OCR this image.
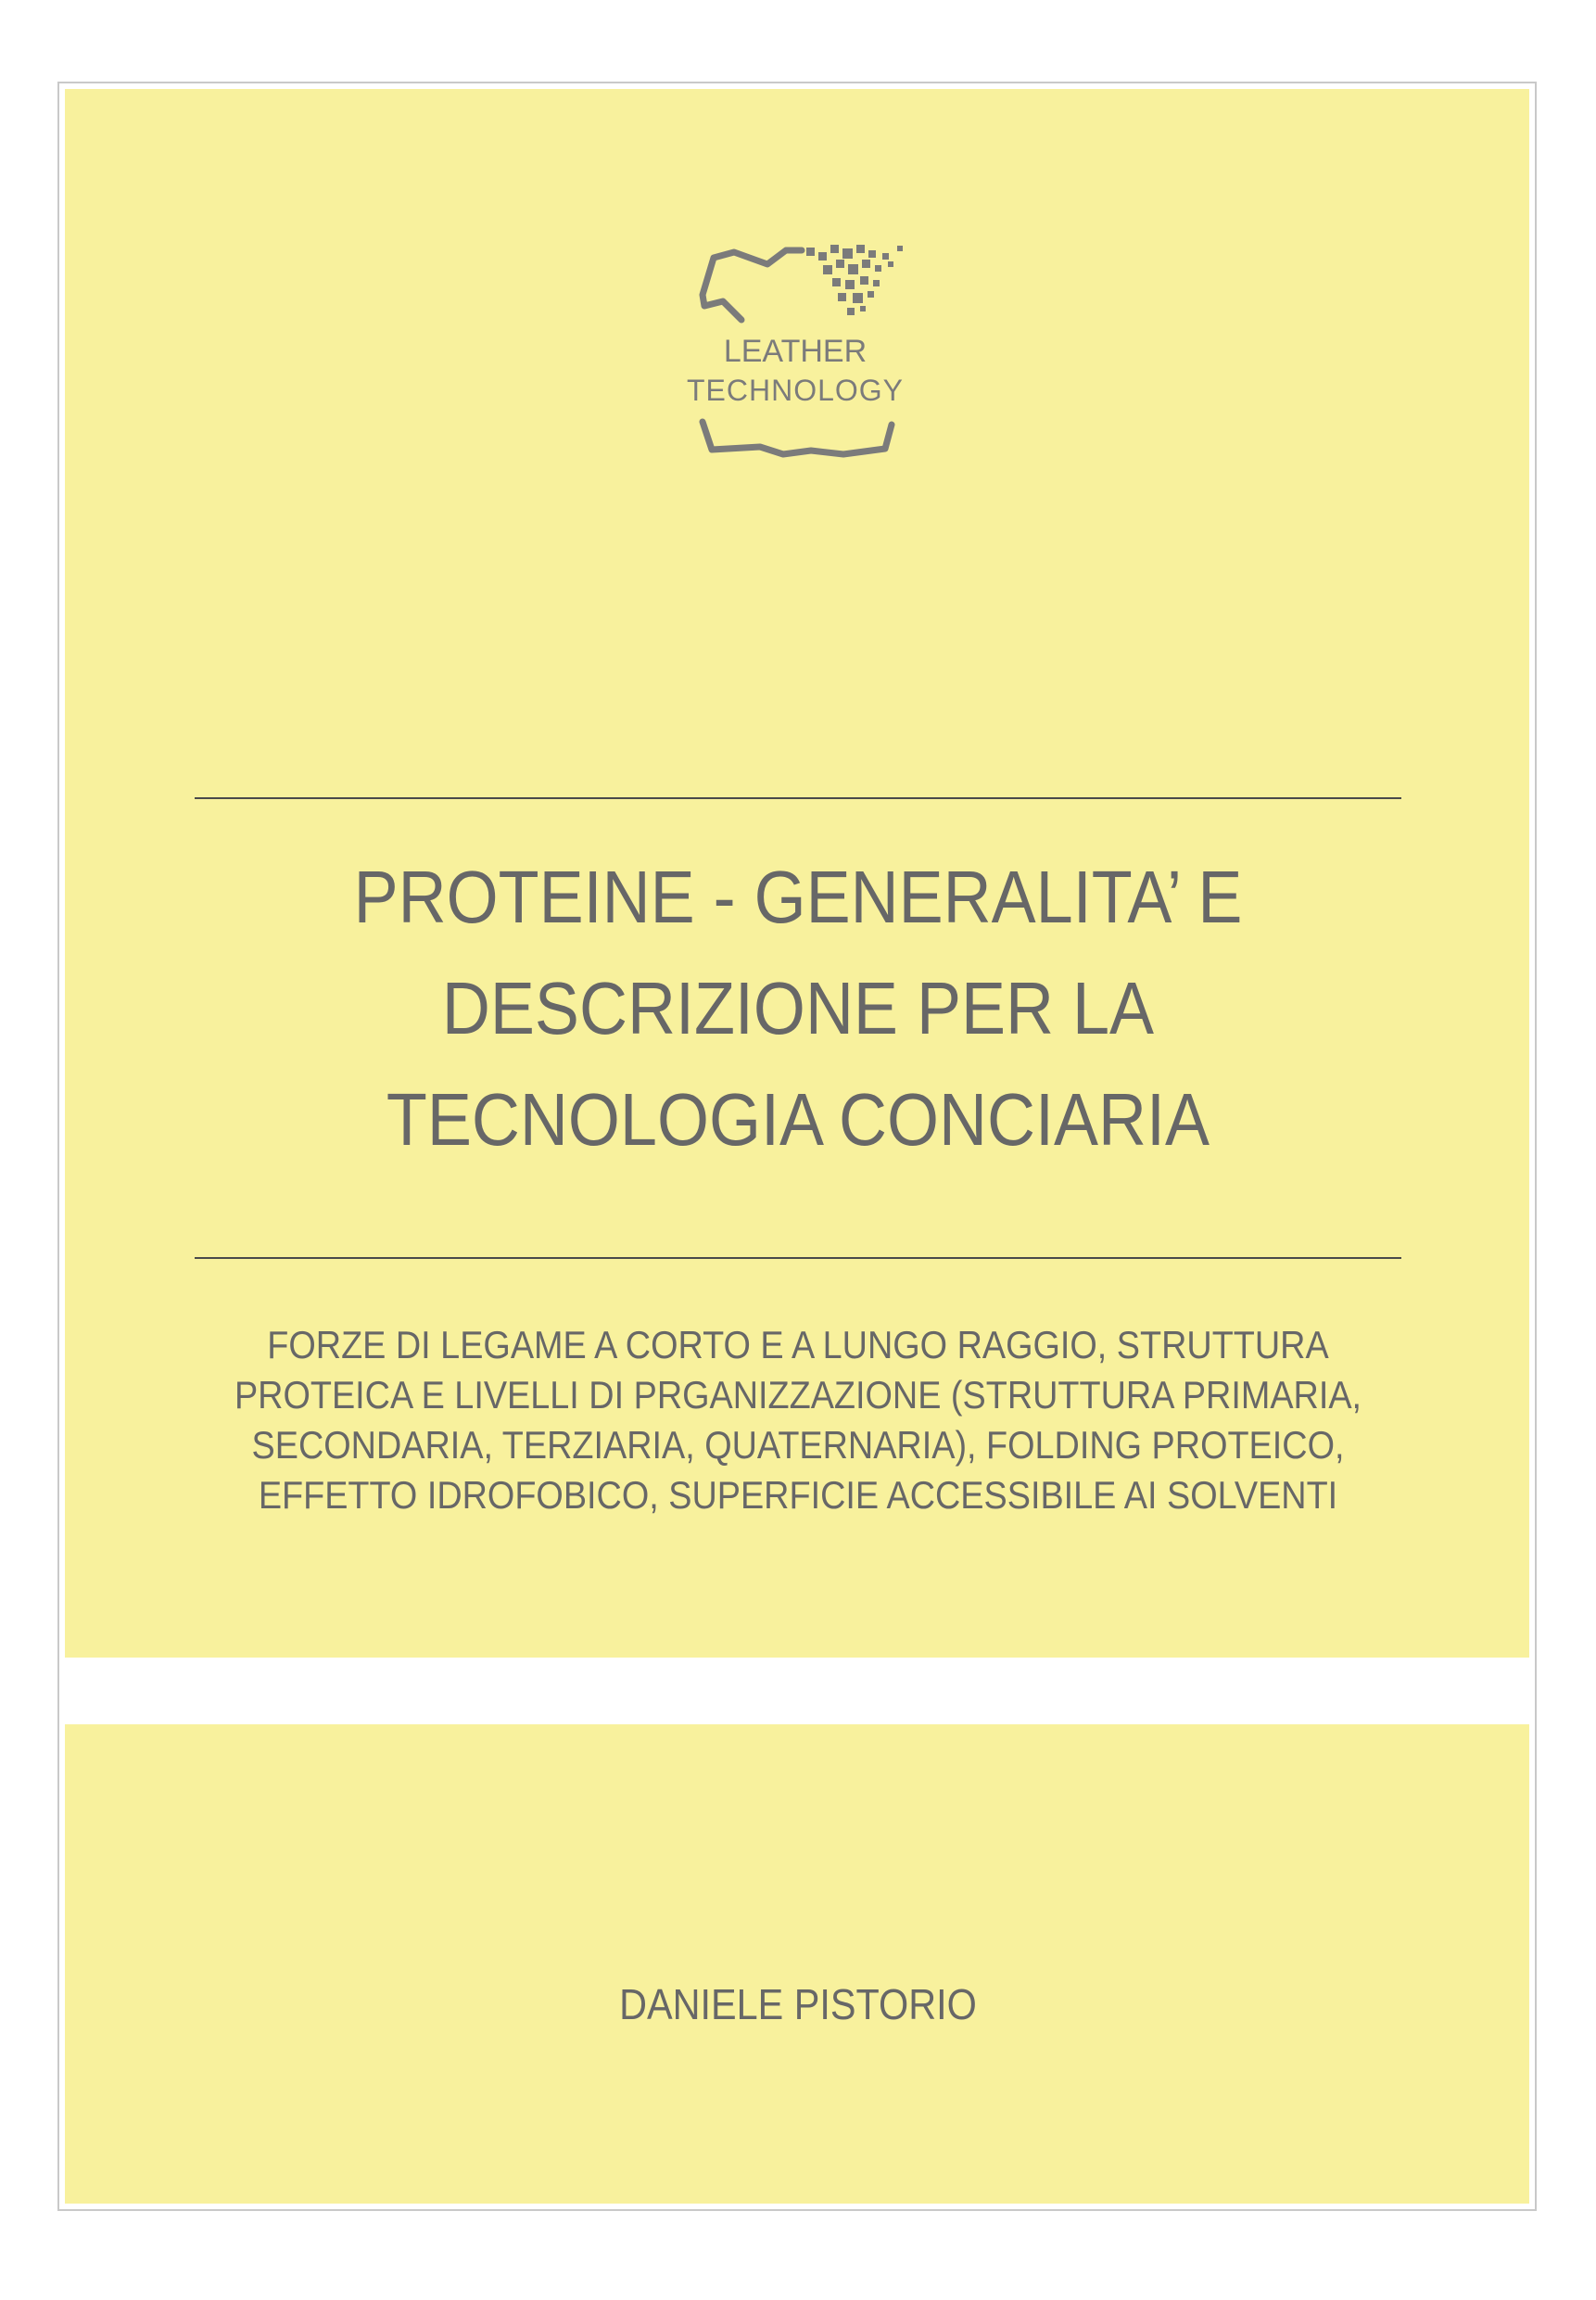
LEATHER
TECHNOLOGY
PROTEINE - GENERALITA’ E
DESCRIZIONE PER LA
TECNOLOGIA CONCIARIA

FORZE DI LEGAME A CORTO E A LUNGO RAGGIO, STRUTTURA
PROTEICA E LIVELLI DI PRGANIZZAZIONE (STRUTTURA PRIMARIA,
SECONDARIA, TERZIARIA, QUATERNARIA), FOLDING PROTEICO,
EFFETTO IDROFOBICO, SUPERFICIE ACCESSIBILE AI SOLVENTI

DANIELE PISTORIO
